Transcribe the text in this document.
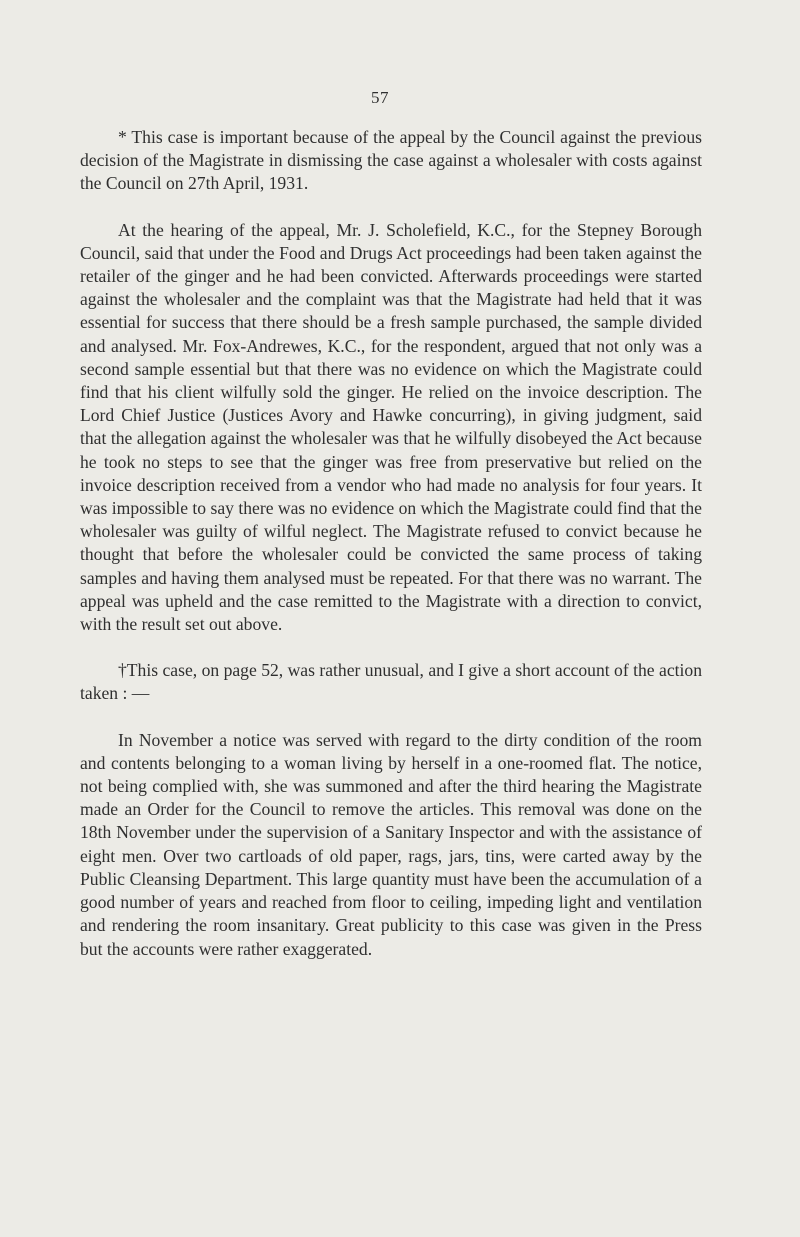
57

* This case is important because of the appeal by the Council against the previous decision of the Magistrate in dismissing the case against a wholesaler with costs against the Council on 27th April, 1931.

At the hearing of the appeal, Mr. J. Scholefield, K.C., for the Stepney Borough Council, said that under the Food and Drugs Act proceedings had been taken against the retailer of the ginger and he had been convicted. Afterwards proceedings were started against the wholesaler and the complaint was that the Magistrate had held that it was essential for success that there should be a fresh sample purchased, the sample divided and analysed. Mr. Fox-Andrewes, K.C., for the respondent, argued that not only was a second sample essential but that there was no evidence on which the Magistrate could find that his client wilfully sold the ginger. He relied on the invoice description. The Lord Chief Justice (Justices Avory and Hawke concurring), in giving judgment, said that the allegation against the wholesaler was that he wilfully disobeyed the Act because he took no steps to see that the ginger was free from preservative but relied on the invoice description received from a vendor who had made no analysis for four years. It was impossible to say there was no evidence on which the Magistrate could find that the wholesaler was guilty of wilful neglect. The Magistrate refused to convict because he thought that before the wholesaler could be convicted the same process of taking samples and having them analysed must be repeated. For that there was no warrant. The appeal was upheld and the case remitted to the Magistrate with a direction to convict, with the result set out above.

†This case, on page 52, was rather unusual, and I give a short account of the action taken : —

In November a notice was served with regard to the dirty condition of the room and contents belonging to a woman living by herself in a one-roomed flat. The notice, not being complied with, she was summoned and after the third hearing the Magistrate made an Order for the Council to remove the articles. This removal was done on the 18th November under the supervision of a Sanitary Inspector and with the assistance of eight men. Over two cartloads of old paper, rags, jars, tins, were carted away by the Public Cleansing Department. This large quantity must have been the accumulation of a good number of years and reached from floor to ceiling, impeding light and ventilation and rendering the room insanitary. Great publicity to this case was given in the Press but the accounts were rather exaggerated.
